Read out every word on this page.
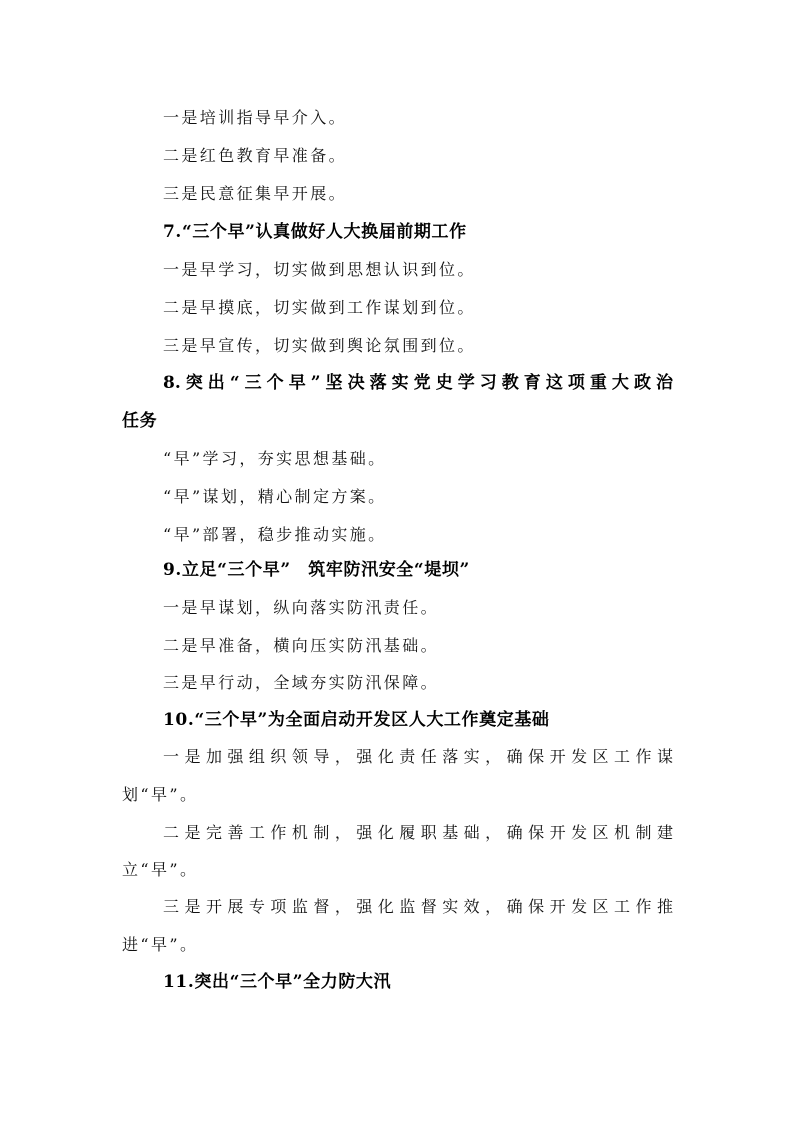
一是培训指导早介入。
二是红色教育早准备。
三是民意征集早开展。
7.“三个早”认真做好人大换届前期工作
一是早学习，切实做到思想认识到位。
二是早摸底，切实做到工作谋划到位。
三是早宣传，切实做到舆论氛围到位。
8.突出“三个早”坚决落实党史学习教育这项重大政治
任务
“早”学习，夯实思想基础。
“早”谋划，精心制定方案。
“早”部署，稳步推动实施。
9.立足“三个早”　筑牢防汛安全“堤坝”
一是早谋划，纵向落实防汛责任。
二是早准备，横向压实防汛基础。
三是早行动，全域夯实防汛保障。
10.“三个早”为全面启动开发区人大工作奠定基础
一是加强组织领导，强化责任落实，确保开发区工作谋
划“早”。
二是完善工作机制，强化履职基础，确保开发区机制建
立“早”。
三是开展专项监督，强化监督实效，确保开发区工作推
进“早”。
11.突出“三个早”全力防大汛
